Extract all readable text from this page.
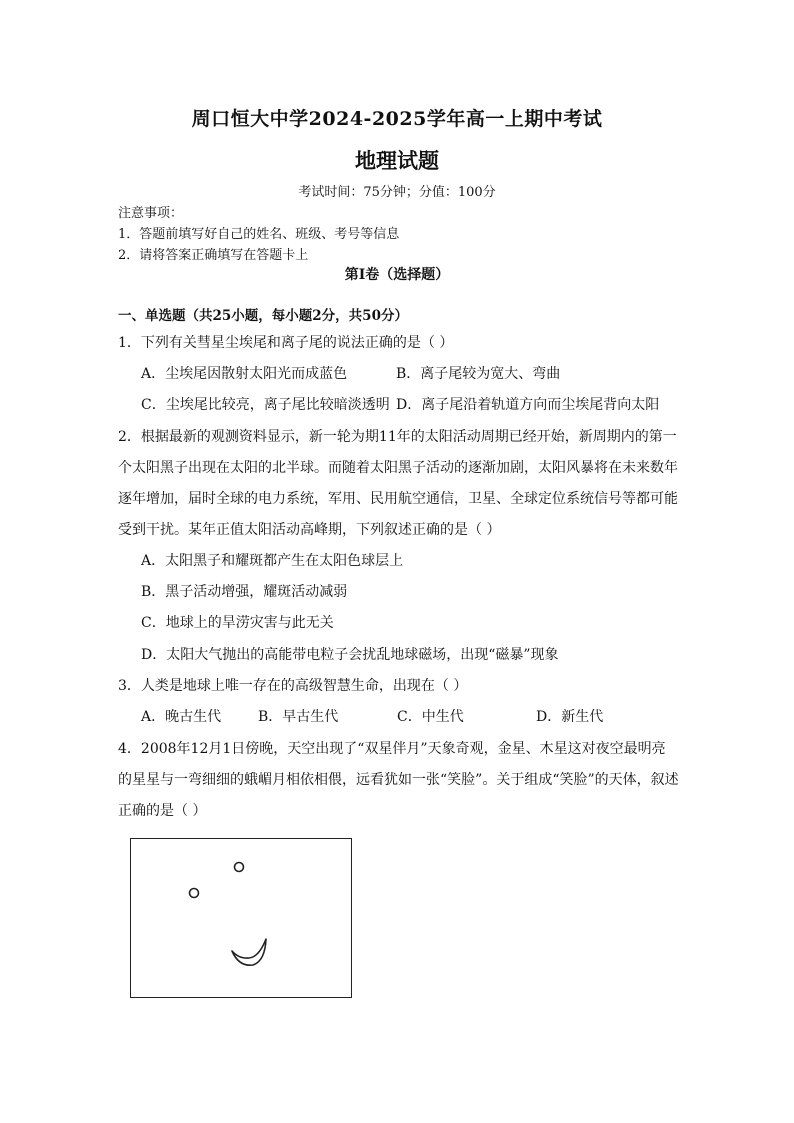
周口恒大中学2024-2025学年高一上期中考试
地理试题
考试时间：75分钟；分值：100分
注意事项：
1．答题前填写好自己的姓名、班级、考号等信息
2．请将答案正确填写在答题卡上
第I卷（选择题）
一、单选题（共25小题，每小题2分，共50分）
1．下列有关彗星尘埃尾和离子尾的说法正确的是（ ）
A．尘埃尾因散射太阳光而成蓝色	B．离子尾较为宽大、弯曲
C．尘埃尾比较亮，离子尾比较暗淡透明 D．离子尾沿着轨道方向而尘埃尾背向太阳
2．根据最新的观测资料显示，新一轮为期11年的太阳活动周期已经开始，新周期内的第一
个太阳黑子出现在太阳的北半球。而随着太阳黑子活动的逐渐加剧，太阳风暴将在未来数年
逐年增加，届时全球的电力系统，军用、民用航空通信，卫星、全球定位系统信号等都可能
受到干扰。某年正值太阳活动高峰期，下列叙述正确的是（ ）
A．太阳黑子和耀斑都产生在太阳色球层上
B．黑子活动增强，耀斑活动减弱
C．地球上的旱涝灾害与此无关
D．太阳大气抛出的高能带电粒子会扰乱地球磁场，出现“磁暴”现象
3．人类是地球上唯一存在的高级智慧生命，出现在（ ）
A．晚古生代	B．早古生代	C．中生代	D．新生代
4．2008年12月1日傍晚，天空出现了“双星伴月”天象奇观，金星、木星这对夜空最明亮
的星星与一弯细细的蛾嵋月相依相偎，远看犹如一张“笑脸”。关于组成“笑脸”的天体，叙述
正确的是（ ）
